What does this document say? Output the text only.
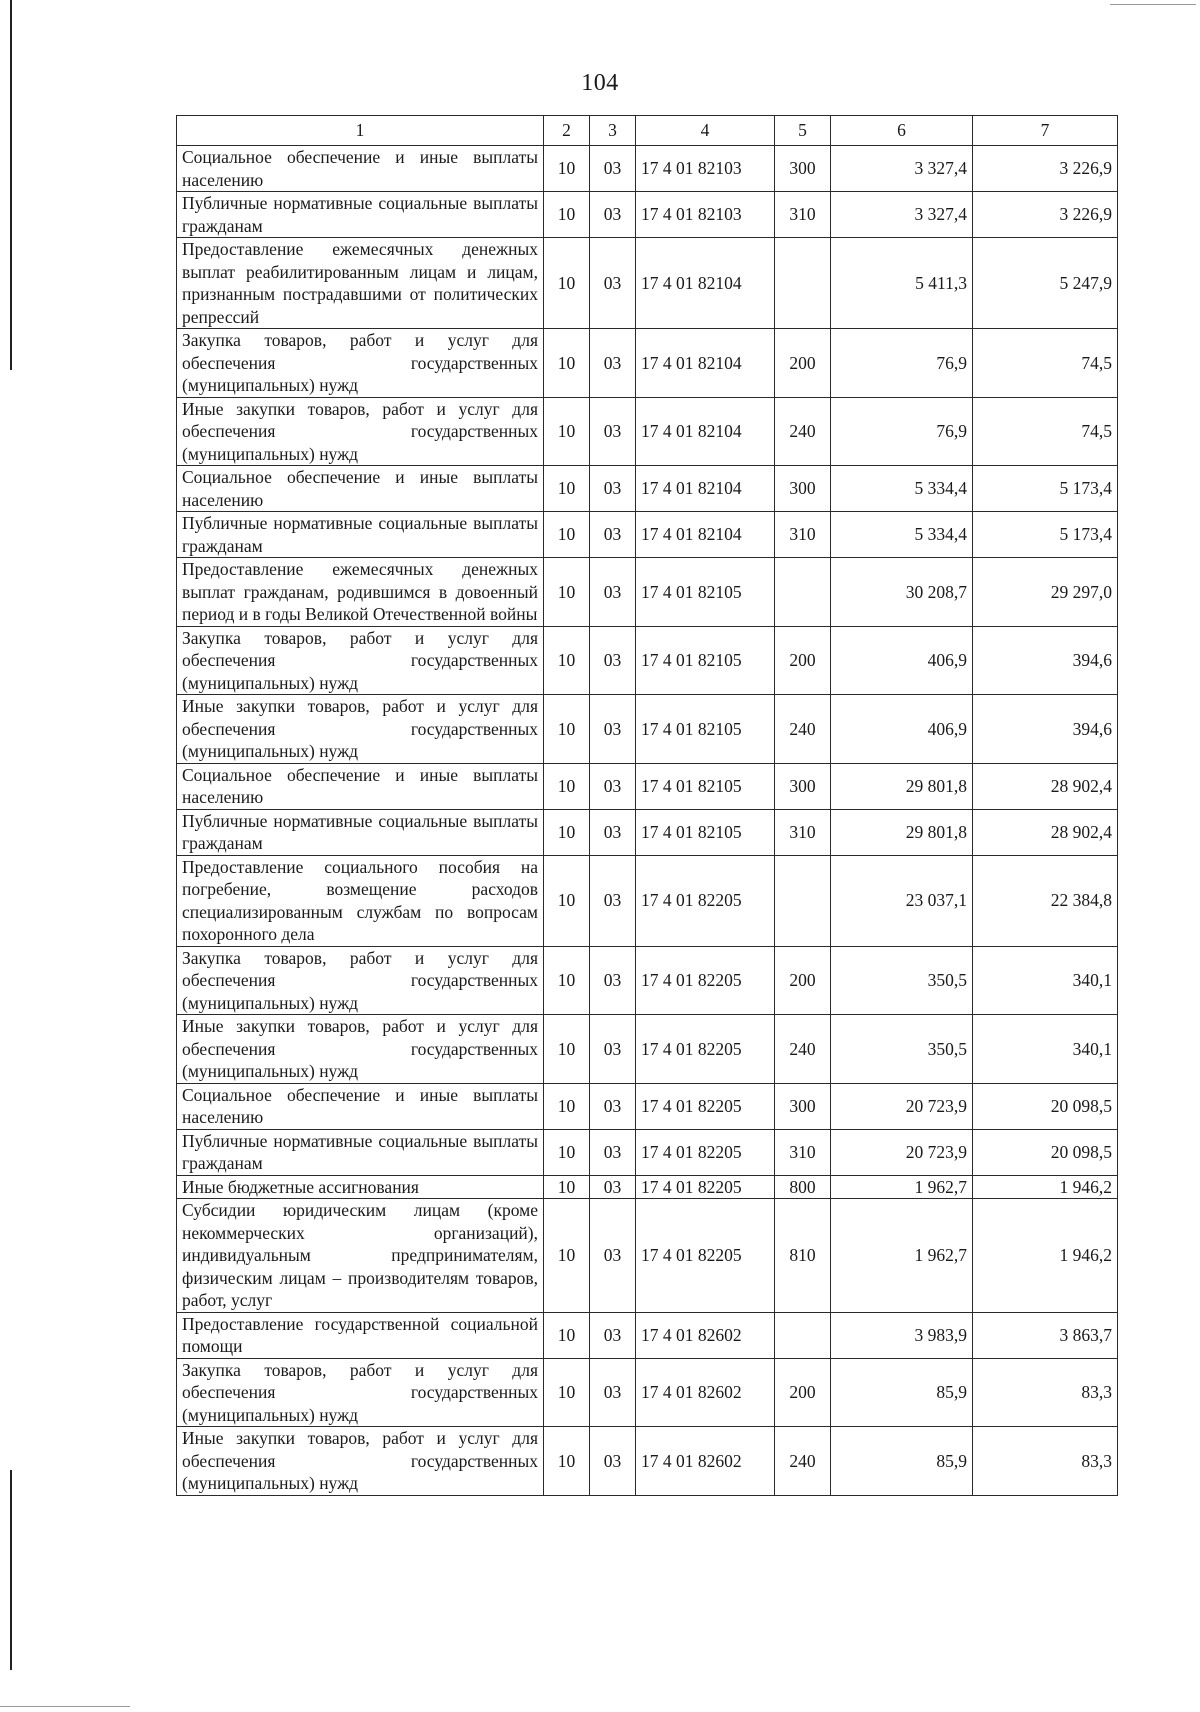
104
1	2	3	4	5	6	7
Социальное обеспечение и иные выплаты населению	10	03	17 4 01 82103	300	3 327,4	3 226,9
Публичные нормативные социальные выплаты гражданам	10	03	17 4 01 82103	310	3 327,4	3 226,9
Предоставление ежемесячных денежных выплат реабилитированным лицам и лицам, признанным пострадавшими от политических репрессий	10	03	17 4 01 82104		5 411,3	5 247,9
Закупка товаров, работ и услуг для обеспечения государственных (муниципальных) нужд	10	03	17 4 01 82104	200	76,9	74,5
Иные закупки товаров, работ и услуг для обеспечения государственных (муниципальных) нужд	10	03	17 4 01 82104	240	76,9	74,5
Социальное обеспечение и иные выплаты населению	10	03	17 4 01 82104	300	5 334,4	5 173,4
Публичные нормативные социальные выплаты гражданам	10	03	17 4 01 82104	310	5 334,4	5 173,4
Предоставление ежемесячных денежных выплат гражданам, родившимся в довоенный период и в годы Великой Отечественной войны	10	03	17 4 01 82105		30 208,7	29 297,0
Закупка товаров, работ и услуг для обеспечения государственных (муниципальных) нужд	10	03	17 4 01 82105	200	406,9	394,6
Иные закупки товаров, работ и услуг для обеспечения государственных (муниципальных) нужд	10	03	17 4 01 82105	240	406,9	394,6
Социальное обеспечение и иные выплаты населению	10	03	17 4 01 82105	300	29 801,8	28 902,4
Публичные нормативные социальные выплаты гражданам	10	03	17 4 01 82105	310	29 801,8	28 902,4
Предоставление социального пособия на погребение, возмещение расходов специализированным службам по вопросам похоронного дела	10	03	17 4 01 82205		23 037,1	22 384,8
Закупка товаров, работ и услуг для обеспечения государственных (муниципальных) нужд	10	03	17 4 01 82205	200	350,5	340,1
Иные закупки товаров, работ и услуг для обеспечения государственных (муниципальных) нужд	10	03	17 4 01 82205	240	350,5	340,1
Социальное обеспечение и иные выплаты населению	10	03	17 4 01 82205	300	20 723,9	20 098,5
Публичные нормативные социальные выплаты гражданам	10	03	17 4 01 82205	310	20 723,9	20 098,5
Иные бюджетные ассигнования	10	03	17 4 01 82205	800	1 962,7	1 946,2
Субсидии юридическим лицам (кроме некоммерческих организаций), индивидуальным предпринимателям, физическим лицам – производителям товаров, работ, услуг	10	03	17 4 01 82205	810	1 962,7	1 946,2
Предоставление государственной социальной помощи	10	03	17 4 01 82602		3 983,9	3 863,7
Закупка товаров, работ и услуг для обеспечения государственных (муниципальных) нужд	10	03	17 4 01 82602	200	85,9	83,3
Иные закупки товаров, работ и услуг для обеспечения государственных (муниципальных) нужд	10	03	17 4 01 82602	240	85,9	83,3
